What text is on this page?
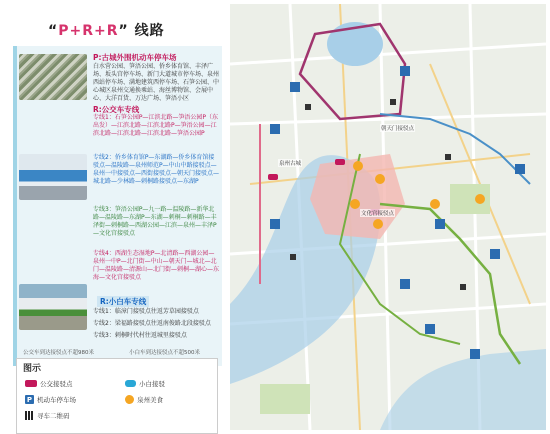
“P+R+R” 线路
P:古城外围机动车停车场
白水营公园、笋浯公园、侨乡体育馆、丰泽广场、坂头宫停车场、新门大道城市停车场、泉州西站停车场、满地建筑西停车场、石笋公园、中心城区泉州交通换乘站、海丝博物馆、会展中心、大洋百货、万达广场、笋浯小区
R:公交车专线
专线1：石笋公园P—江滨北路—笋浯公园P（东出发）—江滨北路—江滨北路P—笋浯公园—江滨北路—江滨北路—江滨北路—笋浯公园P
专线2：侨乡体育馆P—东湖路—侨乡体育馆接驳点—温陵路—泉州师范P—中山中路接驳点—泉州一中接驳点—西街接驳点—朝天门接驳点—城北路—少林路—刺桐路接驳点—东湖P
专线3：笋浯公园P—九一路—温陵路—新华北路—温陵路—东湖P—东湖—刺桐—刺桐路—丰泽街—刺桐路—西湖公园—江滨—泉州—丰泽P—文化宫接驳点
专线4：西湖生态湿地P—北清路—西湖公园—泉州一中P—北门街—中山—朝天门—城北—北门—温陵路—清源山—北门街—刺桐—湖心—东海—文化宫接驳点
R:小白车专线
专线1：临漳门接驳点往返芳草园接驳点
专线2：梁福路接驳点往返南俊路北段接驳点
专线3：刺桐时代村往返城里接驳点
公交车到达接驳点不超980米	小白车到达接驳点不超500米
图示
公交接驳点	小白接驳
P 机动车停车场	泉州美食
寻车二维码
朝天门接驳点
泉州古城
文化宫接驳点
